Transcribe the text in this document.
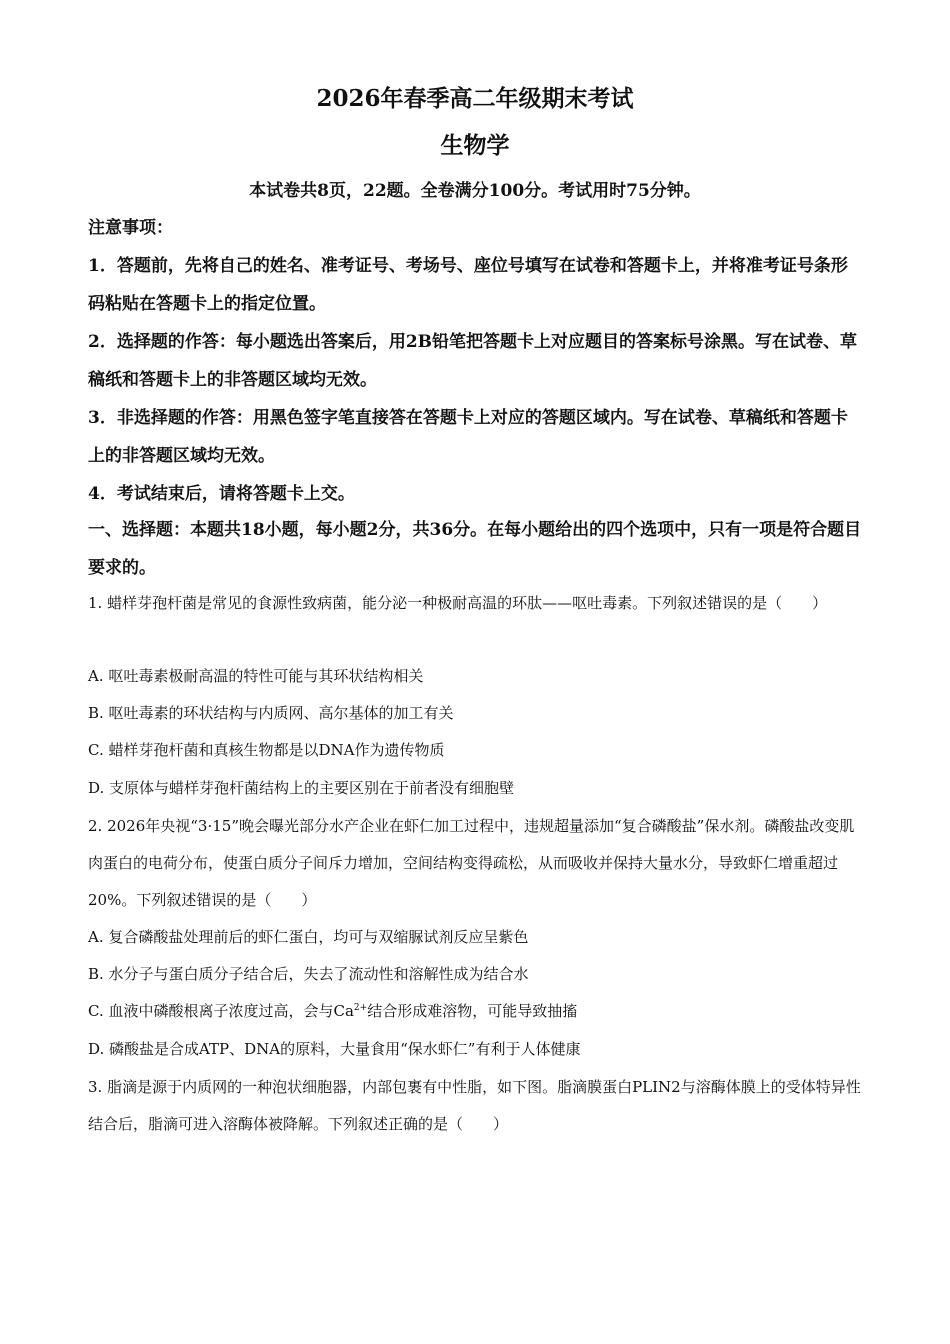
2026年春季高二年级期末考试
生物学
本试卷共8页，22题。全卷满分100分。考试用时75分钟。
注意事项：
1．答题前，先将自己的姓名、准考证号、考场号、座位号填写在试卷和答题卡上，并将准考证号条形码粘贴在答题卡上的指定位置。
2．选择题的作答：每小题选出答案后，用2B铅笔把答题卡上对应题目的答案标号涂黑。写在试卷、草稿纸和答题卡上的非答题区域均无效。
3．非选择题的作答：用黑色签字笔直接答在答题卡上对应的答题区域内。写在试卷、草稿纸和答题卡上的非答题区域均无效。
4．考试结束后，请将答题卡上交。
一、选择题：本题共18小题，每小题2分，共36分。在每小题给出的四个选项中，只有一项是符合题目要求的。
1. 蜡样芽孢杆菌是常见的食源性致病菌，能分泌一种极耐高温的环肽——呕吐毒素。下列叙述错误的是（　　）
A. 呕吐毒素极耐高温的特性可能与其环状结构相关
B. 呕吐毒素的环状结构与内质网、高尔基体的加工有关
C. 蜡样芽孢杆菌和真核生物都是以DNA作为遗传物质
D. 支原体与蜡样芽孢杆菌结构上的主要区别在于前者没有细胞壁
2. 2026年央视“3·15”晚会曝光部分水产企业在虾仁加工过程中，违规超量添加“复合磷酸盐”保水剂。磷酸盐改变肌肉蛋白的电荷分布，使蛋白质分子间斥力增加，空间结构变得疏松，从而吸收并保持大量水分，导致虾仁增重超过20%。下列叙述错误的是（　　）
A. 复合磷酸盐处理前后的虾仁蛋白，均可与双缩脲试剂反应呈紫色
B. 水分子与蛋白质分子结合后，失去了流动性和溶解性成为结合水
C. 血液中磷酸根离子浓度过高，会与$Ca^{2+}$结合形成难溶物，可能导致抽搐
D. 磷酸盐是合成ATP、DNA的原料，大量食用“保水虾仁”有利于人体健康
3. 脂滴是源于内质网的一种泡状细胞器，内部包裹有中性脂，如下图。脂滴膜蛋白PLIN2与溶酶体膜上的受体特异性结合后，脂滴可进入溶酶体被降解。下列叙述正确的是（　　）
